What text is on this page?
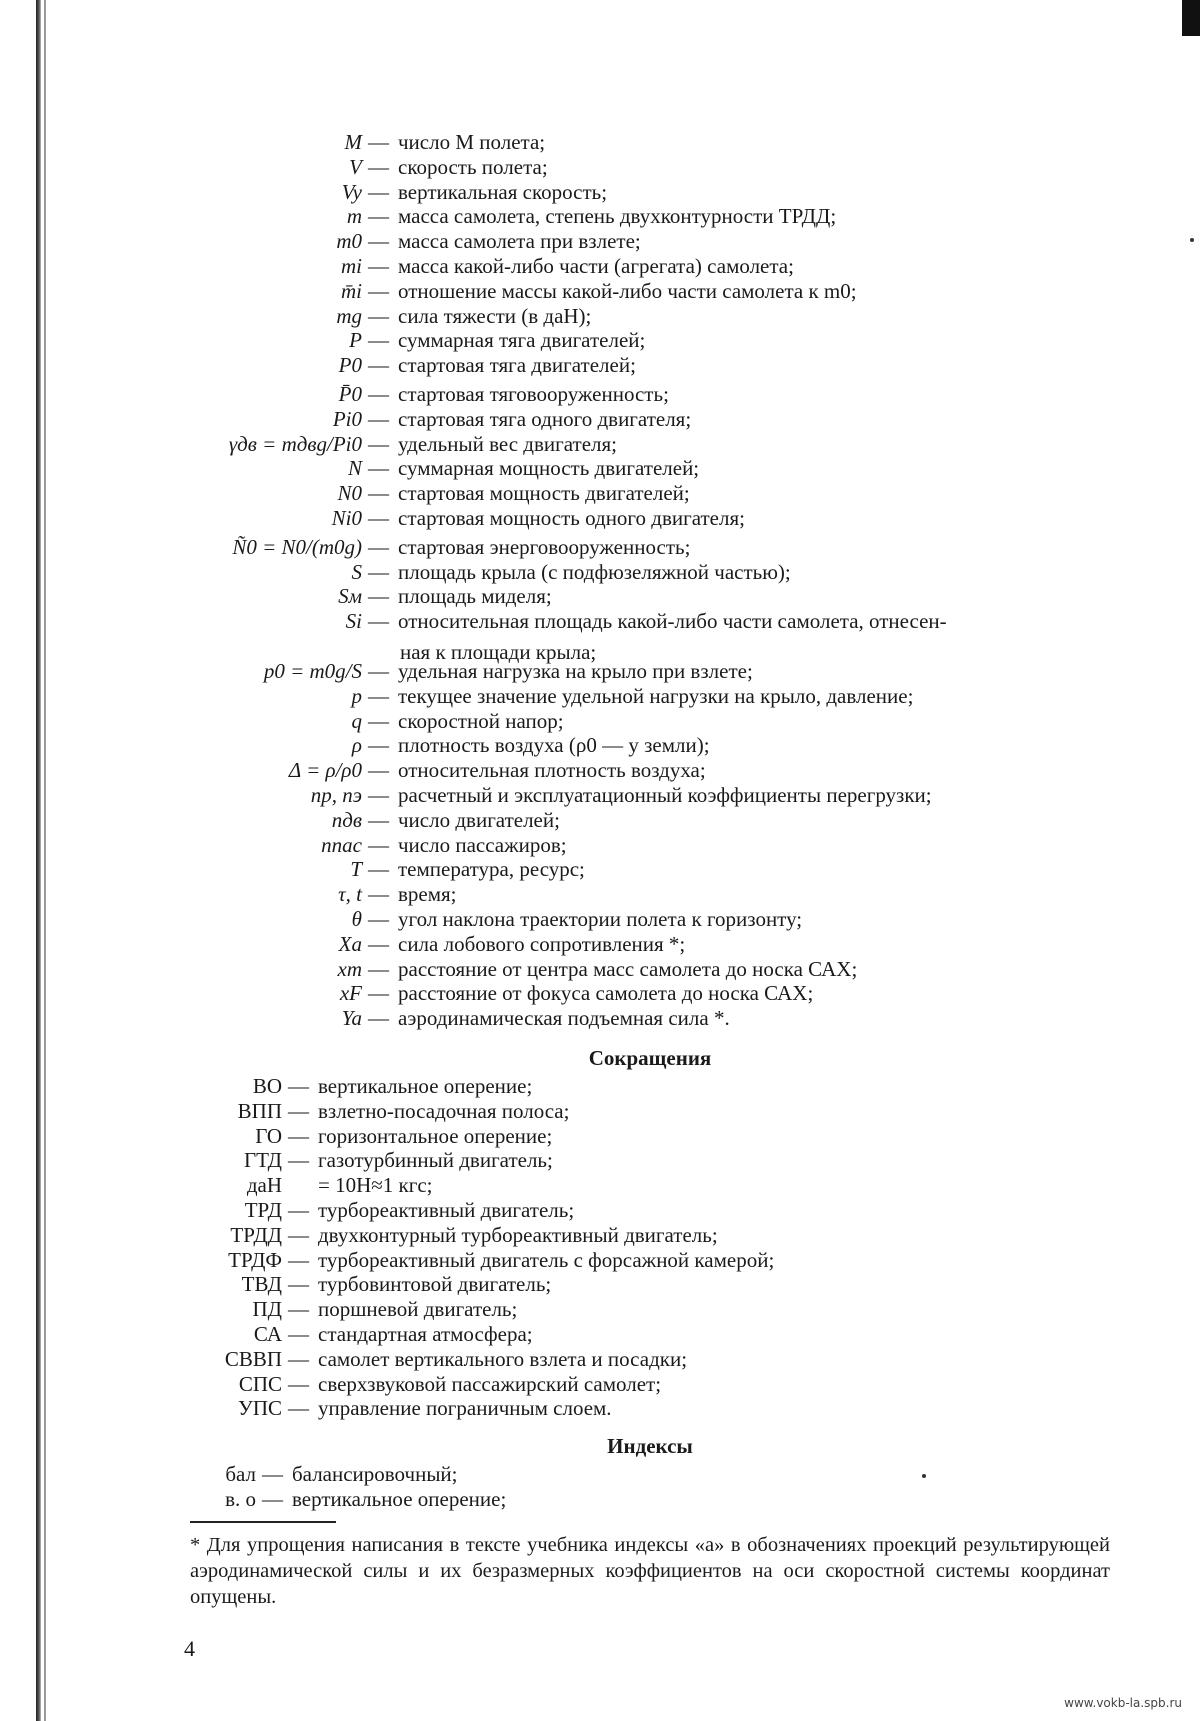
M — число М полета;
V — скорость полета;
Vy — вертикальная скорость;
m — масса самолета, степень двухконтурности ТРДД;
m0 — масса самолета при взлете;
mi — масса какой-либо части (агрегата) самолета;
m̄i — отношение массы какой-либо части самолета к m0;
mg — сила тяжести (в даН);
P — суммарная тяга двигателей;
P0 — стартовая тяга двигателей;
P̄0 — стартовая тяговооруженность;
Pi0 — стартовая тяга одного двигателя;
γдв = mдвg/Pi0 — удельный вес двигателя;
N — суммарная мощность двигателей;
N0 — стартовая мощность двигателей;
Ni0 — стартовая мощность одного двигателя;
Ñ0 = N0/(m0g) — стартовая энерговооруженность;
S — площадь крыла (с подфюзеляжной частью);
Sм — площадь миделя;
Si — относительная площадь какой-либо части самолета, отнесен-
p0 = m0g/S — удельная нагрузка на крыло при взлете;
p — текущее значение удельной нагрузки на крыло, давление;
q — скоростной напор;
ρ — плотность воздуха (ρ0 — у земли);
Δ = ρ/ρ0 — относительная плотность воздуха;
nр, nэ — расчетный и эксплуатационный коэффициенты перегрузки;
nдв — число двигателей;
nпас — число пассажиров;
T — температура, ресурс;
τ, t — время;
θ — угол наклона траектории полета к горизонту;
Xa — сила лобового сопротивления *;
xт — расстояние от центра масс самолета до носка САХ;
xF — расстояние от фокуса самолета до носка САХ;
Ya — аэродинамическая подъемная сила *.
ная к площади крыла;
Сокращения
ВО — вертикальное оперение;
ВПП — взлетно-посадочная полоса;
ГО — горизонтальное оперение;
ГТД — газотурбинный двигатель;
даН = 10Н≈1 кгс;
ТРД — турбореактивный двигатель;
ТРДД — двухконтурный турбореактивный двигатель;
ТРДФ — турбореактивный двигатель с форсажной камерой;
ТВД — турбовинтовой двигатель;
ПД — поршневой двигатель;
СА — стандартная атмосфера;
СВВП — самолет вертикального взлета и посадки;
СПС — сверхзвуковой пассажирский самолет;
УПС — управление пограничным слоем.
Индексы
бал — балансировочный;
в. о — вертикальное оперение;
* Для упрощения написания в тексте учебника индексы «a» в обозначениях проекций результирующей аэродинамической силы и их безразмерных коэффициентов на оси скоростной системы координат опущены.
4
www.vokb-la.spb.ru
